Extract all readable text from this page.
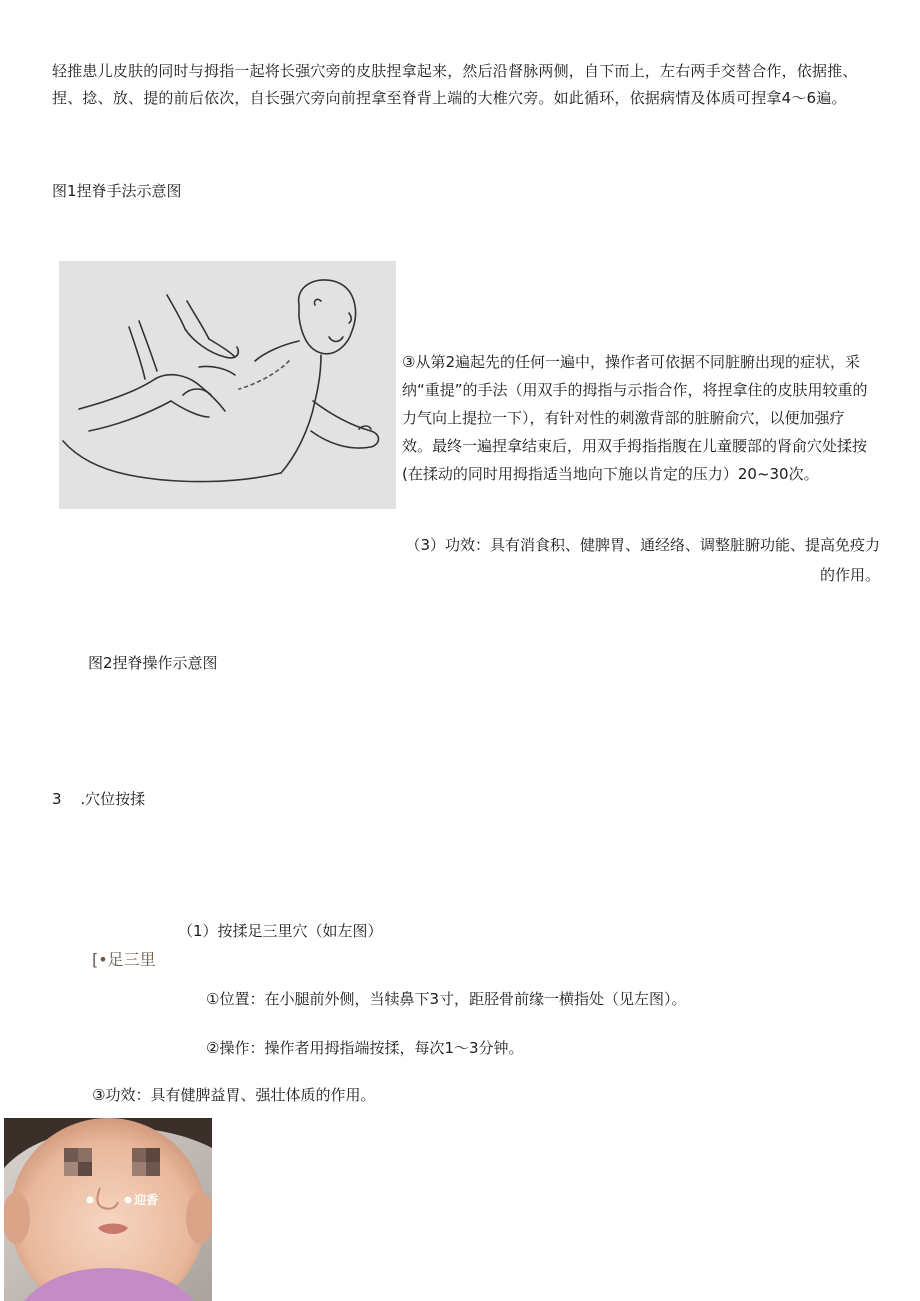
轻推患儿皮肤的同时与拇指一起将长强穴旁的皮肤捏拿起来，然后沿督脉两侧，自下而上，左右两手交替合作，依据推、捏、捻、放、提的前后依次，自长强穴旁向前捏拿至脊背上端的大椎穴旁。如此循环，依据病情及体质可捏拿4～6遍。

图1捏脊手法示意图

③从第2遍起先的任何一遍中，操作者可依据不同脏腑出现的症状，采纳“重提”的手法（用双手的拇指与示指合作，将捏拿住的皮肤用较重的力气向上提拉一下），有针对性的刺激背部的脏腑俞穴，以便加强疗效。最终一遍捏拿结束后，用双手拇指指腹在儿童腰部的肾俞穴处揉按(在揉动的同时用拇指适当地向下施以肯定的压力）20~30次。

（3）功效：具有消食积、健脾胃、通经络、调整脏腑功能、提高免疫力的作用。

图2捏脊操作示意图
3 .穴位按揉
（1）按揉足三里穴（如左图）
[•足三里
①位置：在小腿前外侧，当犊鼻下3寸，距胫骨前缘一横指处（见左图）。
②操作：操作者用拇指端按揉，每次1～3分钟。
③功效：具有健脾益胃、强壮体质的作用。
迎香
